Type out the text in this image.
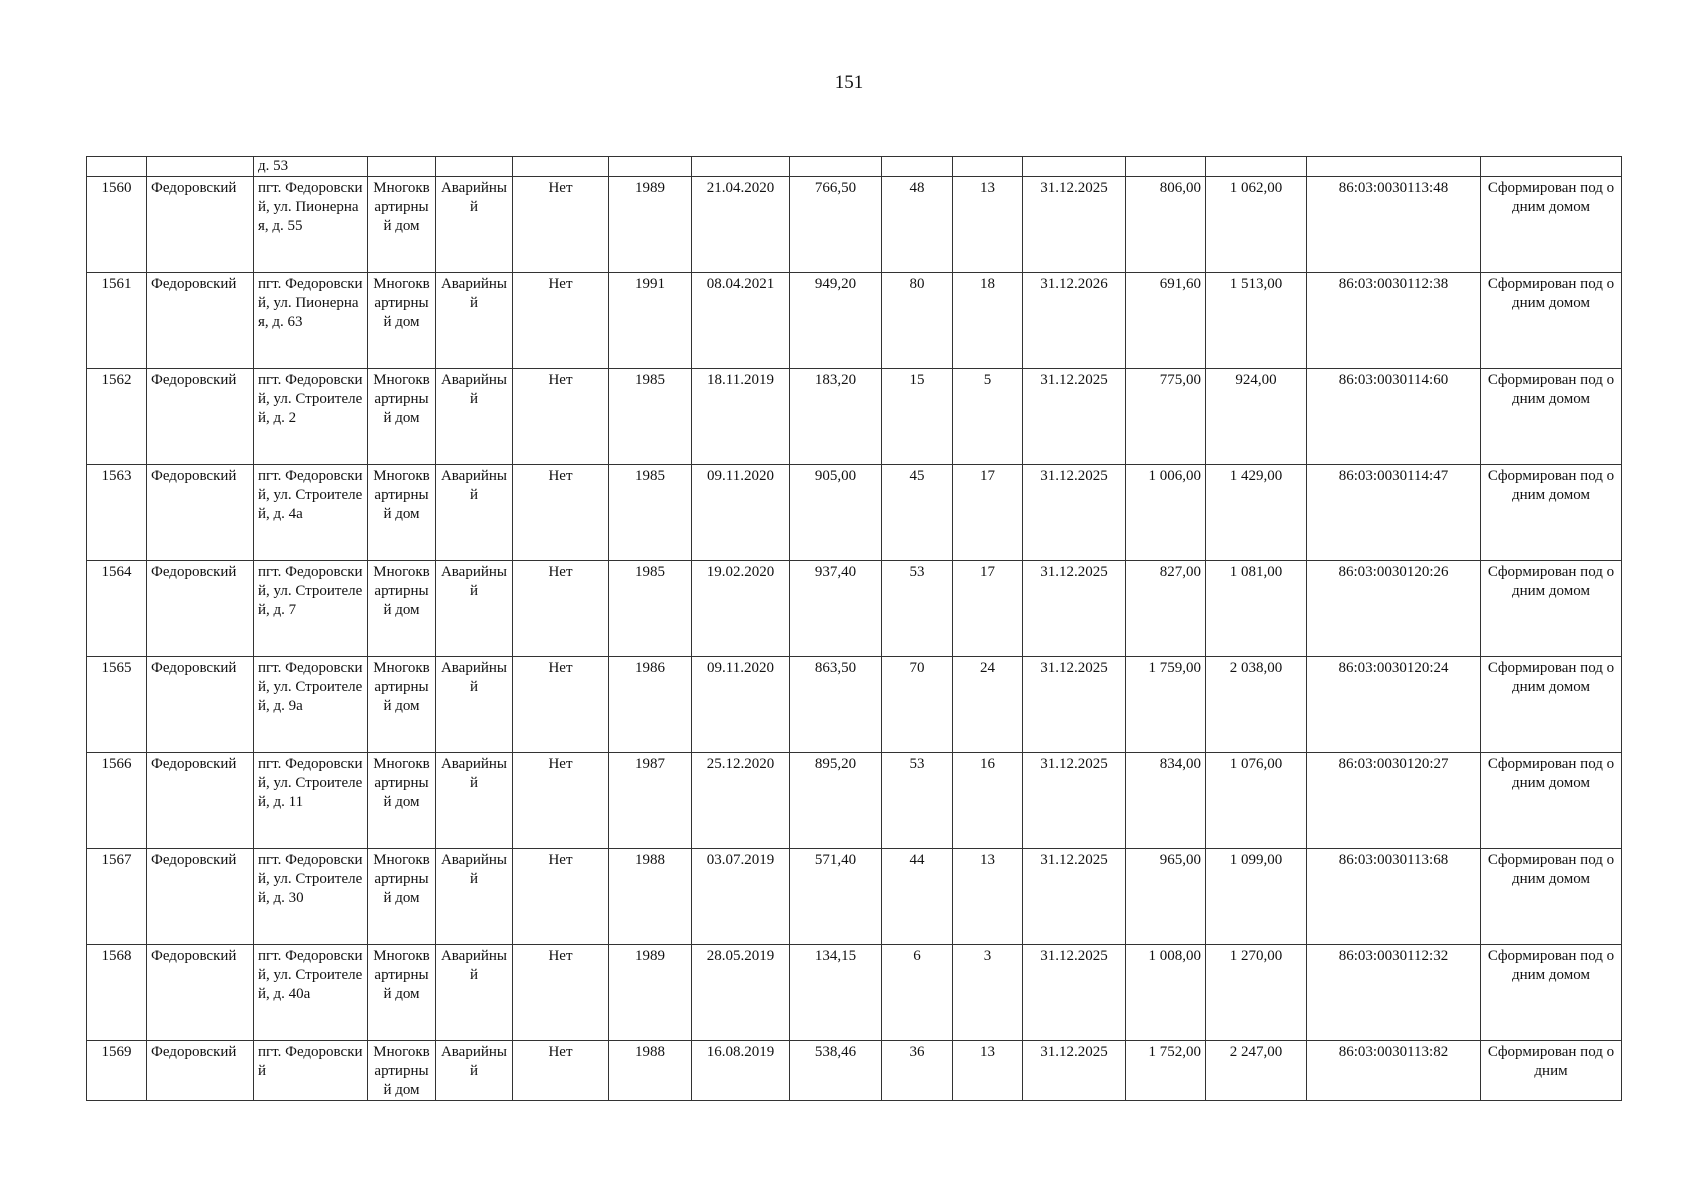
151
		д. 53													
1560	Федоровский	пгт. Федоровский, ул. Пионерная, д. 55	Многоквартирный дом	Аварийный	Нет	1989	21.04.2020	766,50	48	13	31.12.2025	806,00	1 062,00	86:03:0030113:48	Сформирован под одним домом
1561	Федоровский	пгт. Федоровский, ул. Пионерная, д. 63	Многоквартирный дом	Аварийный	Нет	1991	08.04.2021	949,20	80	18	31.12.2026	691,60	1 513,00	86:03:0030112:38	Сформирован под одним домом
1562	Федоровский	пгт. Федоровский, ул. Строителей, д. 2	Многоквартирный дом	Аварийный	Нет	1985	18.11.2019	183,20	15	5	31.12.2025	775,00	924,00	86:03:0030114:60	Сформирован под одним домом
1563	Федоровский	пгт. Федоровский, ул. Строителей, д. 4а	Многоквартирный дом	Аварийный	Нет	1985	09.11.2020	905,00	45	17	31.12.2025	1 006,00	1 429,00	86:03:0030114:47	Сформирован под одним домом
1564	Федоровский	пгт. Федоровский, ул. Строителей, д. 7	Многоквартирный дом	Аварийный	Нет	1985	19.02.2020	937,40	53	17	31.12.2025	827,00	1 081,00	86:03:0030120:26	Сформирован под одним домом
1565	Федоровский	пгт. Федоровский, ул. Строителей, д. 9а	Многоквартирный дом	Аварийный	Нет	1986	09.11.2020	863,50	70	24	31.12.2025	1 759,00	2 038,00	86:03:0030120:24	Сформирован под одним домом
1566	Федоровский	пгт. Федоровский, ул. Строителей, д. 11	Многоквартирный дом	Аварийный	Нет	1987	25.12.2020	895,20	53	16	31.12.2025	834,00	1 076,00	86:03:0030120:27	Сформирован под одним домом
1567	Федоровский	пгт. Федоровский, ул. Строителей, д. 30	Многоквартирный дом	Аварийный	Нет	1988	03.07.2019	571,40	44	13	31.12.2025	965,00	1 099,00	86:03:0030113:68	Сформирован под одним домом
1568	Федоровский	пгт. Федоровский, ул. Строителей, д. 40а	Многоквартирный дом	Аварийный	Нет	1989	28.05.2019	134,15	6	3	31.12.2025	1 008,00	1 270,00	86:03:0030112:32	Сформирован под одним домом
1569	Федоровский	пгт. Федоровский	Многоквартирный дом	Аварийный	Нет	1988	16.08.2019	538,46	36	13	31.12.2025	1 752,00	2 247,00	86:03:0030113:82	Сформирован под одним
